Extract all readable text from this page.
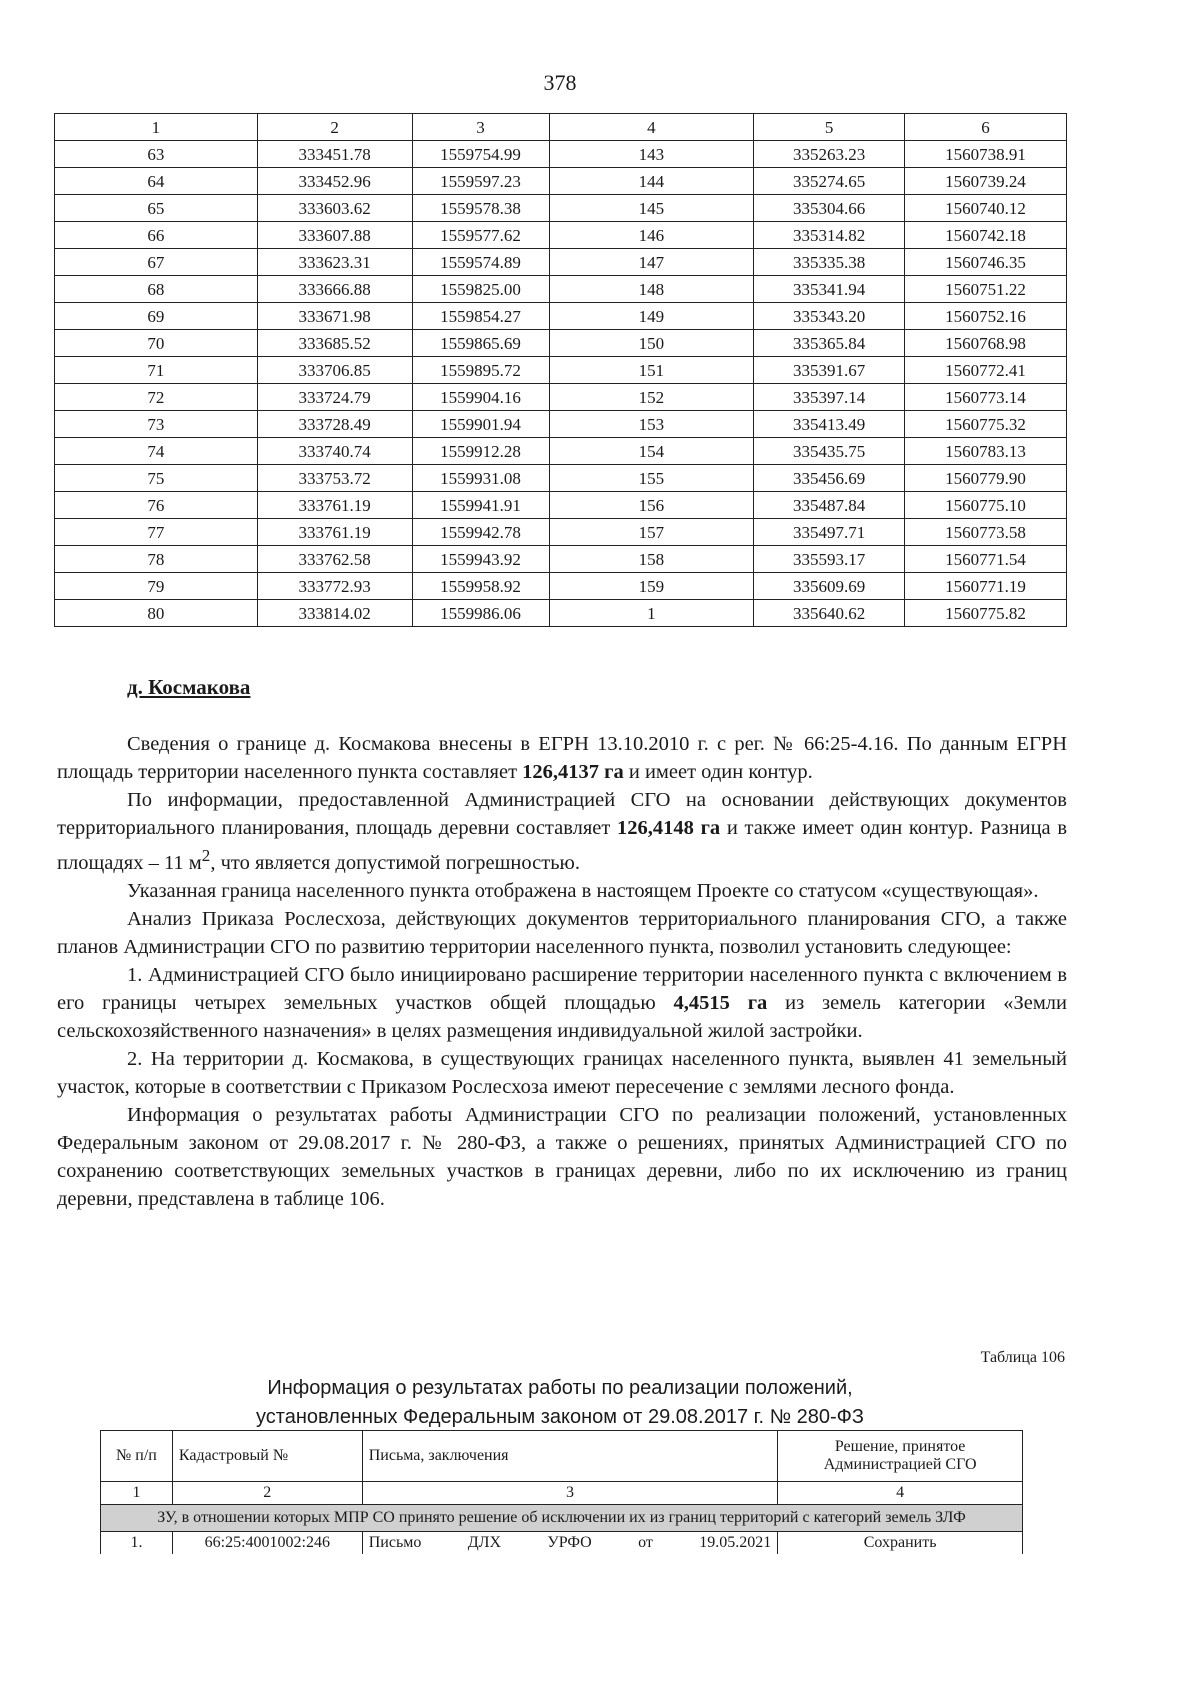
378
1	2	3	4	5	6
63	333451.78	1559754.99	143	335263.23	1560738.91
64	333452.96	1559597.23	144	335274.65	1560739.24
65	333603.62	1559578.38	145	335304.66	1560740.12
66	333607.88	1559577.62	146	335314.82	1560742.18
67	333623.31	1559574.89	147	335335.38	1560746.35
68	333666.88	1559825.00	148	335341.94	1560751.22
69	333671.98	1559854.27	149	335343.20	1560752.16
70	333685.52	1559865.69	150	335365.84	1560768.98
71	333706.85	1559895.72	151	335391.67	1560772.41
72	333724.79	1559904.16	152	335397.14	1560773.14
73	333728.49	1559901.94	153	335413.49	1560775.32
74	333740.74	1559912.28	154	335435.75	1560783.13
75	333753.72	1559931.08	155	335456.69	1560779.90
76	333761.19	1559941.91	156	335487.84	1560775.10
77	333761.19	1559942.78	157	335497.71	1560773.58
78	333762.58	1559943.92	158	335593.17	1560771.54
79	333772.93	1559958.92	159	335609.69	1560771.19
80	333814.02	1559986.06	1	335640.62	1560775.82
д. Космакова

Сведения о границе д. Космакова внесены в ЕГРН 13.10.2010 г. с рег. № 66:25-4.16. По данным ЕГРН площадь территории населенного пункта составляет 126,4137 га и имеет один контур.

По информации, предоставленной Администрацией СГО на основании действующих документов территориального планирования, площадь деревни составляет 126,4148 га и также имеет один контур. Разница в площадях – 11 $м^2$, что является допустимой погрешностью.

Указанная граница населенного пункта отображена в настоящем Проекте со статусом «существующая».

Анализ Приказа Рослесхоза, действующих документов территориального планирования СГО, а также планов Администрации СГО по развитию территории населенного пункта, позволил установить следующее:

1. Администрацией СГО было инициировано расширение территории населенного пункта с включением в его границы четырех земельных участков общей площадью 4,4515 га из земель категории «Земли сельскохозяйственного назначения» в целях размещения индивидуальной жилой застройки.

2. На территории д. Космакова, в существующих границах населенного пункта, выявлен 41 земельный участок, которые в соответствии с Приказом Рослесхоза имеют пересечение с землями лесного фонда.

Информация о результатах работы Администрации СГО по реализации положений, установленных Федеральным законом от 29.08.2017 г. № 280-ФЗ, а также о решениях, принятых Администрацией СГО по сохранению соответствующих земельных участков в границах деревни, либо по их исключению из границ деревни, представлена в таблице 106.

Таблица 106
Информация о результатах работы по реализации положений,
установленных Федеральным законом от 29.08.2017 г. № 280-ФЗ
№ п/п	Кадастровый №	Письма, заключения	Решение, принятое Администрацией СГО
1	2	3	4
ЗУ, в отношении которых МПР СО принято решение об исключении их из границ территорий с категорий земель ЗЛФ			
1.	66:25:4001002:246	Письмо ДЛХ УРФО от 19.05.2021	Сохранить
